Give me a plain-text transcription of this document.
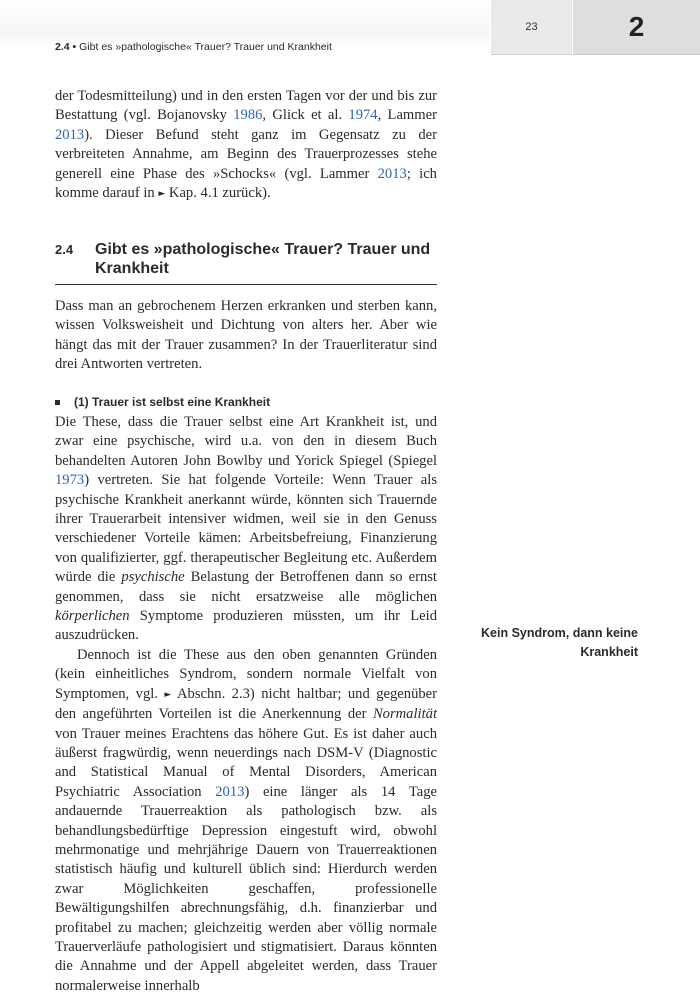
2.4 • Gibt es »pathologische« Trauer? Trauer und Krankheit
23	2

der Todesmitteilung) und in den ersten Tagen vor der und bis zur Bestattung (vgl. Bojanovsky 1986, Glick et al. 1974, Lammer 2013). Dieser Befund steht ganz im Gegensatz zu der verbreiteten Annahme, am Beginn des Trauerprozesses stehe generell eine Phase des »Schocks« (vgl. Lammer 2013; ich komme darauf in ► Kap. 4.1 zurück).

2.4 Gibt es »pathologische« Trauer? Trauer und Krankheit

Dass man an gebrochenem Herzen erkranken und sterben kann, wissen Volksweisheit und Dichtung von alters her. Aber wie hängt das mit der Trauer zusammen? In der Trauerliteratur sind drei Antworten vertreten.

(1) Trauer ist selbst eine Krankheit

Die These, dass die Trauer selbst eine Art Krankheit ist, und zwar eine psychische, wird u.a. von den in diesem Buch behandelten Autoren John Bowlby und Yorick Spiegel (Spiegel 1973) vertreten. Sie hat folgende Vorteile: Wenn Trauer als psychische Krankheit anerkannt würde, könnten sich Trauernde ihrer Trauerarbeit intensiver widmen, weil sie in den Genuss verschiedener Vorteile kämen: Arbeitsbefreiung, Finanzierung von qualifizierter, ggf. therapeutischer Begleitung etc. Außerdem würde die psychische Belastung der Betroffenen dann so ernst genommen, dass sie nicht ersatzweise alle möglichen körperlichen Symptome produzieren müssten, um ihr Leid auszudrücken.

Dennoch ist die These aus den oben genannten Gründen (kein einheitliches Syndrom, sondern normale Vielfalt von Symptomen, vgl. ► Abschn. 2.3) nicht haltbar; und gegenüber den angeführten Vorteilen ist die Anerkennung der Normalität von Trauer meines Erachtens das höhere Gut. Es ist daher auch äußerst fragwürdig, wenn neuerdings nach DSM-V (Diagnostic and Statistical Manual of Mental Disorders, American Psychiatric Association 2013) eine länger als 14 Tage andauernde Trauerreaktion als pathologisch bzw. als behandlungsbedürftige Depression eingestuft wird, obwohl mehrmonatige und mehrjährige Dauern von Trauerreaktionen statistisch häufig und kulturell üblich sind: Hierdurch werden zwar Möglichkeiten geschaffen, professionelle Bewältigungshilfen abrechnungsfähig, d.h. finanzierbar und profitabel zu machen; gleichzeitig werden aber völlig normale Trauerverläufe pathologisiert und stigmatisiert. Daraus könnten die Annahme und der Appell abgeleitet werden, dass Trauer normalerweise innerhalb

Kein Syndrom, dann keine
Krankheit
